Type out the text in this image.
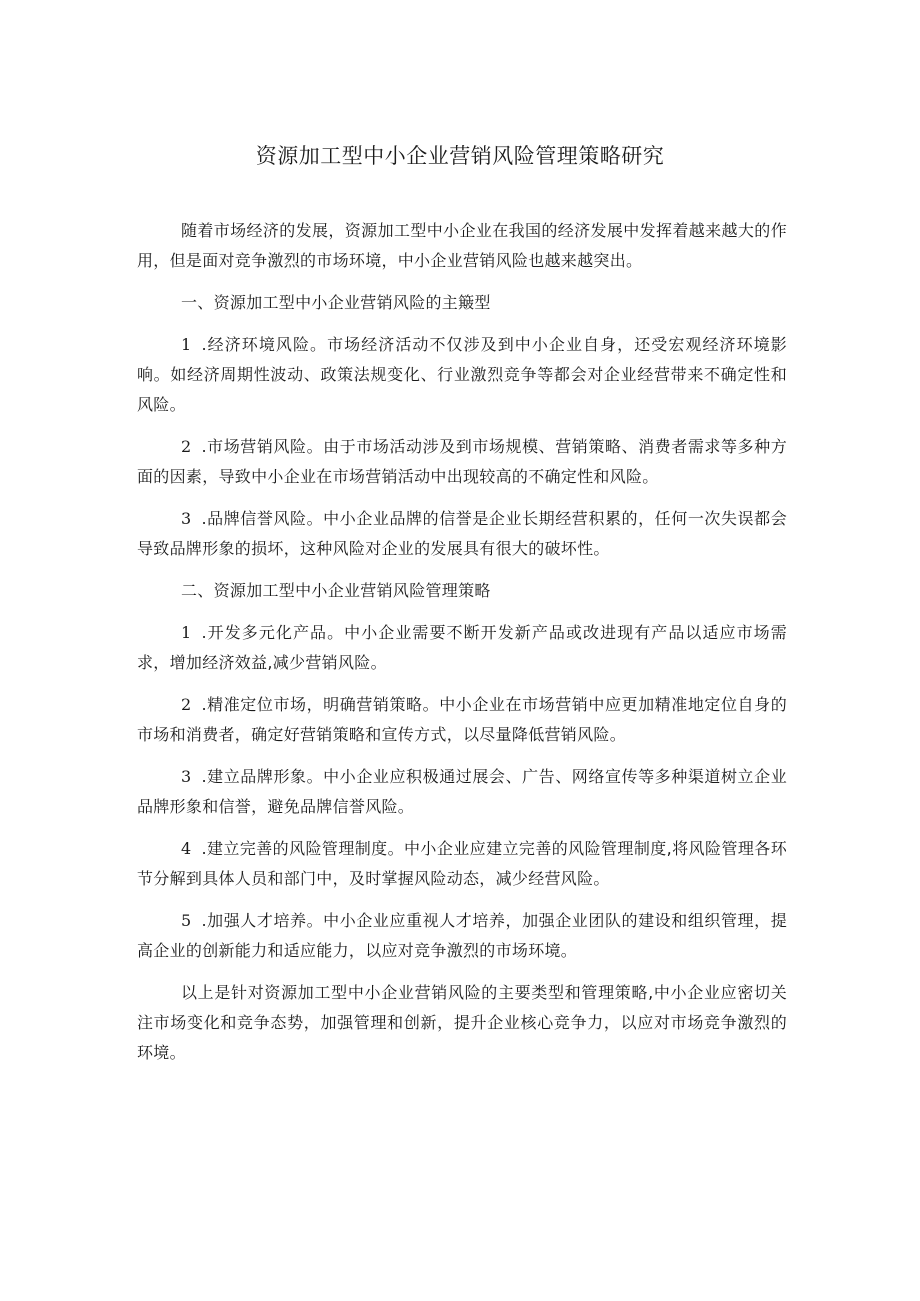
资源加工型中小企业营销风险管理策略研究

随着市场经济的发展，资源加工型中小企业在我国的经济发展中发挥着越来越大的作用，但是面对竞争激烈的市场环境，中小企业营销风险也越来越突出。

一、资源加工型中小企业营销风险的主簸型

1 .经济环境风险。市场经济活动不仅涉及到中小企业自身，还受宏观经济环境影响。如经济周期性波动、政策法规变化、行业激烈竞争等都会对企业经营带来不确定性和风险。

2 .市场营销风险。由于市场活动涉及到市场规模、营销策略、消费者需求等多种方面的因素，导致中小企业在市场营销活动中出现较高的不确定性和风险。

3 .品牌信誉风险。中小企业品牌的信誉是企业长期经营积累的，任何一次失误都会导致品牌形象的损坏，这种风险对企业的发展具有很大的破坏性。

二、资源加工型中小企业营销风险管理策略

1 .开发多元化产品。中小企业需要不断开发新产品或改进现有产品以适应市场需求，增加经济效益,减少营销风险。

2 .精准定位市场，明确营销策略。中小企业在市场营销中应更加精准地定位自身的市场和消费者，确定好营销策略和宣传方式，以尽量降低营销风险。

3 .建立品牌形象。中小企业应积极通过展会、广告、网络宣传等多种渠道树立企业品牌形象和信誉，避免品牌信誉风险。

4 .建立完善的风险管理制度。中小企业应建立完善的风险管理制度,将风险管理各环节分解到具体人员和部门中，及时掌握风险动态，减少经营风险。

5 .加强人才培养。中小企业应重视人才培养，加强企业团队的建设和组织管理，提高企业的创新能力和适应能力，以应对竞争激烈的市场环境。

以上是针对资源加工型中小企业营销风险的主要类型和管理策略,中小企业应密切关注市场变化和竞争态势，加强管理和创新，提升企业核心竞争力，以应对市场竞争激烈的环境。
